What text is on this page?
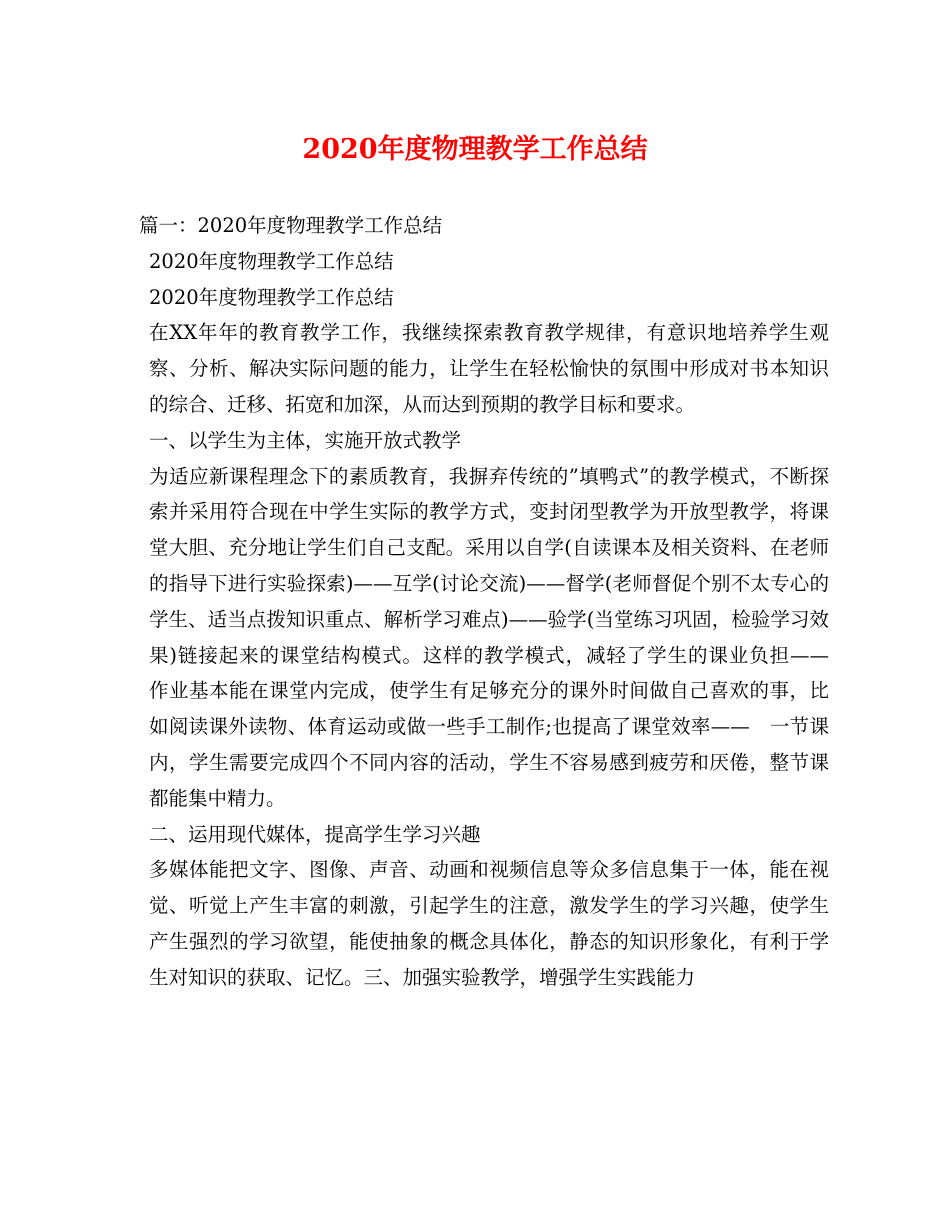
2020年度物理教学工作总结

篇一：2020年度物理教学工作总结

2020年度物理教学工作总结

2020年度物理教学工作总结

在XX年年的教育教学工作，我继续探索教育教学规律，有意识地培养学生观察、分析、解决实际问题的能力，让学生在轻松愉快的氛围中形成对书本知识的综合、迁移、拓宽和加深，从而达到预期的教学目标和要求。

一、以学生为主体，实施开放式教学

为适应新课程理念下的素质教育，我摒弃传统的”填鸭式”的教学模式，不断探索并采用符合现在中学生实际的教学方式，变封闭型教学为开放型教学，将课堂大胆、充分地让学生们自己支配。采用以自学(自读课本及相关资料、在老师的指导下进行实验探索)——互学(讨论交流)——督学(老师督促个别不太专心的学生、适当点拨知识重点、解析学习难点)——验学(当堂练习巩固，检验学习效果)链接起来的课堂结构模式。这样的教学模式，减轻了学生的课业负担——　作业基本能在课堂内完成，使学生有足够充分的课外时间做自己喜欢的事，比如阅读课外读物、体育运动或做一些手工制作;也提高了课堂效率——　一节课内，学生需要完成四个不同内容的活动，学生不容易感到疲劳和厌倦，整节课都能集中精力。

二、运用现代媒体，提高学生学习兴趣

多媒体能把文字、图像、声音、动画和视频信息等众多信息集于一体，能在视觉、听觉上产生丰富的刺激，引起学生的注意，激发学生的学习兴趣，使学生产生强烈的学习欲望，能使抽象的概念具体化，静态的知识形象化，有利于学生对知识的获取、记忆。三、加强实验教学，增强学生实践能力
